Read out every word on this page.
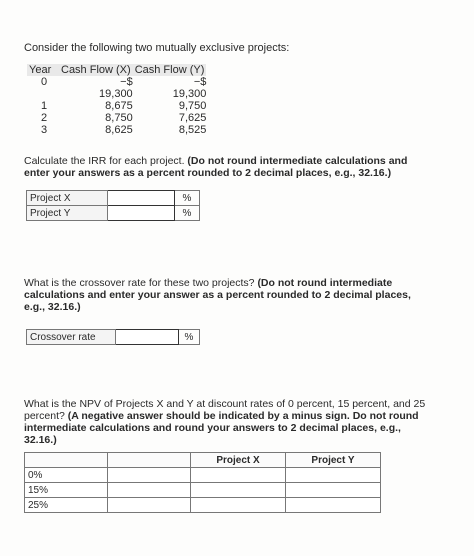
Consider the following two mutually exclusive projects:
Year	Cash Flow (X)	Cash Flow (Y)
0	−$	−$
	19,300	19,300
1	8,675	9,750
2	8,750	7,625
3	8,625	8,525
Calculate the IRR for each project. (Do not round intermediate calculations and enter your answers as a percent rounded to 2 decimal places, e.g., 32.16.)
Project X		%
Project Y		%
What is the crossover rate for these two projects? (Do not round intermediate calculations and enter your answer as a percent rounded to 2 decimal places, e.g., 32.16.)
Crossover rate		%
What is the NPV of Projects X and Y at discount rates of 0 percent, 15 percent, and 25 percent? (A negative answer should be indicated by a minus sign. Do not round intermediate calculations and round your answers to 2 decimal places, e.g., 32.16.)
		Project X	Project Y
0%			
15%			
25%			
